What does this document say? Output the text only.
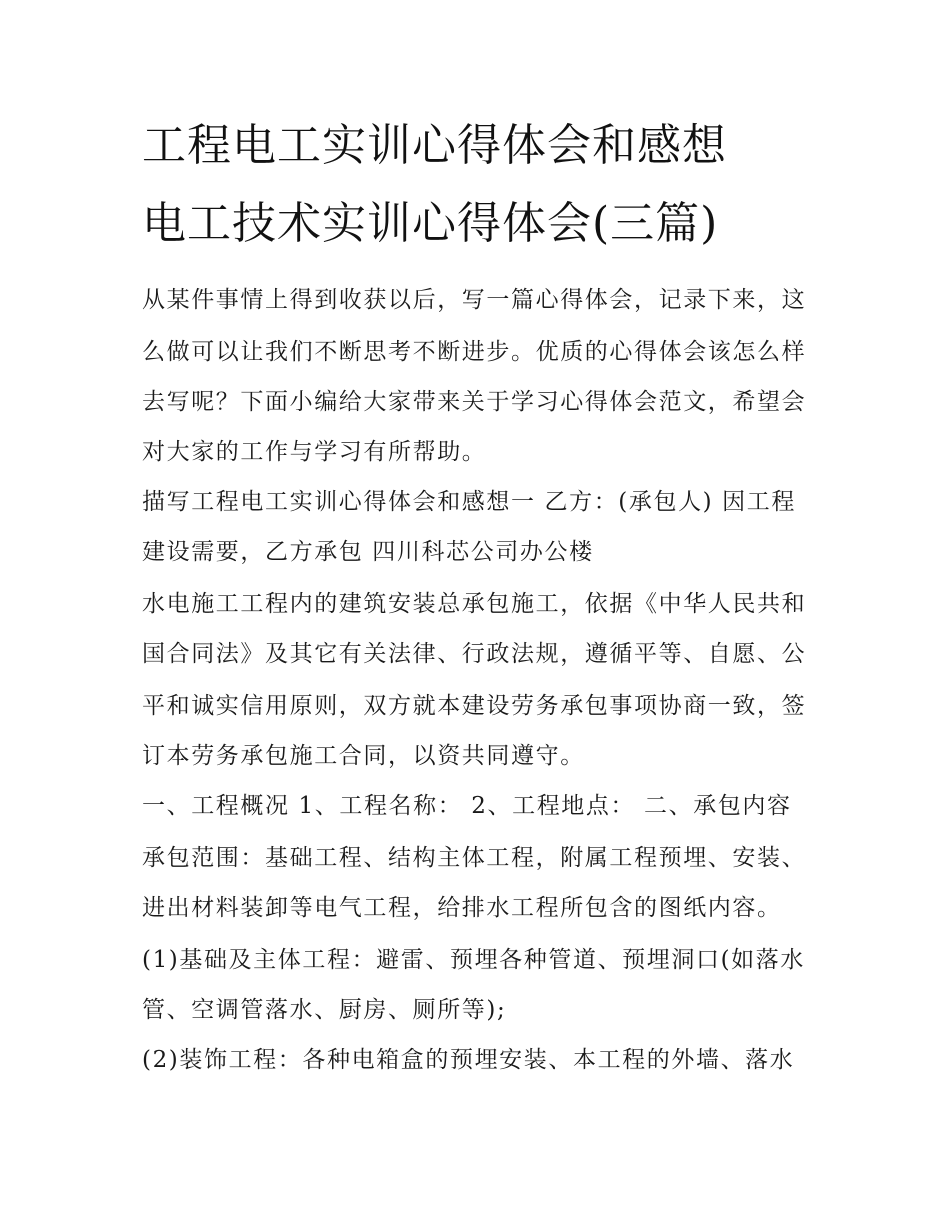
工程电工实训心得体会和感想
电工技术实训心得体会(三篇)
从某件事情上得到收获以后，写一篇心得体会，记录下来，这
么做可以让我们不断思考不断进步。优质的心得体会该怎么样
去写呢？下面小编给大家带来关于学习心得体会范文，希望会
对大家的工作与学习有所帮助。
描写工程电工实训心得体会和感想一 乙方：(承包人) 因工程
建设需要，乙方承包 四川科芯公司办公楼
水电施工工程内的建筑安装总承包施工，依据《中华人民共和
国合同法》及其它有关法律、行政法规，遵循平等、自愿、公
平和诚实信用原则，双方就本建设劳务承包事项协商一致，签
订本劳务承包施工合同，以资共同遵守。
一、工程概况 1、工程名称： 2、工程地点： 二、承包内容
承包范围：基础工程、结构主体工程，附属工程预埋、安装、
进出材料装卸等电气工程，给排水工程所包含的图纸内容。
(1)基础及主体工程：避雷、预埋各种管道、预埋洞口(如落水
管、空调管落水、厨房、厕所等);
(2)装饰工程：各种电箱盒的预埋安装、本工程的外墙、落水
